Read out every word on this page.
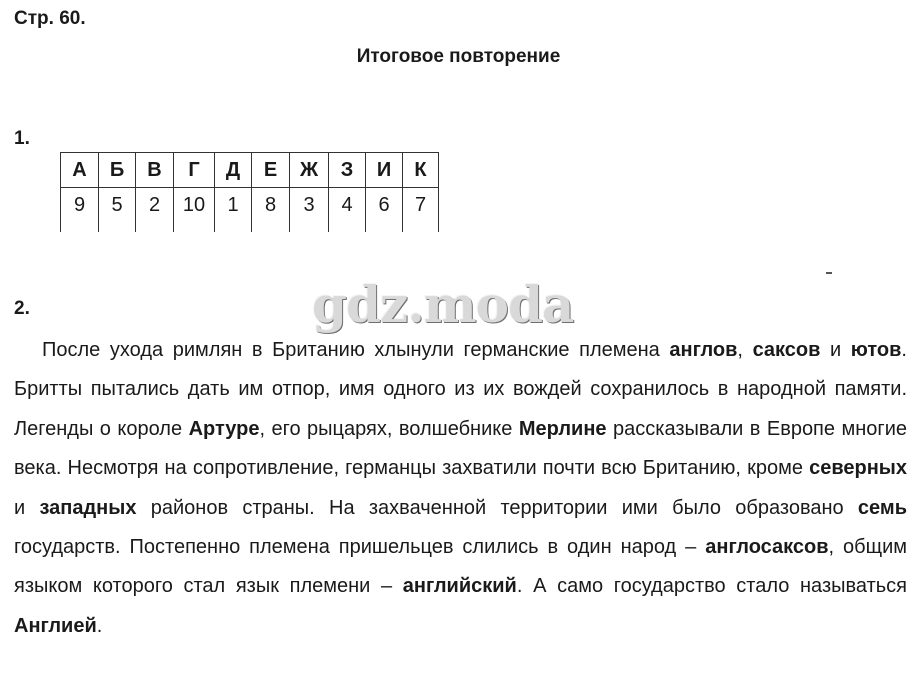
Стр. 60.
Итоговое повторение
1.
А	Б	В	Г	Д	Е	Ж	З	И	К
9	5	2	10	1	8	3	4	6	7
gdz.moda
2.

После ухода римлян в Британию хлынули германские племена англов, саксов и ютов. Бритты пытались дать им отпор, имя одного из их вождей сохранилось в народной памяти. Легенды о короле Артуре, его рыцарях, волшебнике Мерлине рассказывали в Европе многие века. Несмотря на сопротивление, германцы захватили почти всю Британию, кроме северных и западных районов страны. На захваченной территории ими было образовано семь государств. Постепенно племена пришельцев слились в один народ – англосаксов, общим языком которого стал язык племени – английский. А само государство стало называться Англией.
